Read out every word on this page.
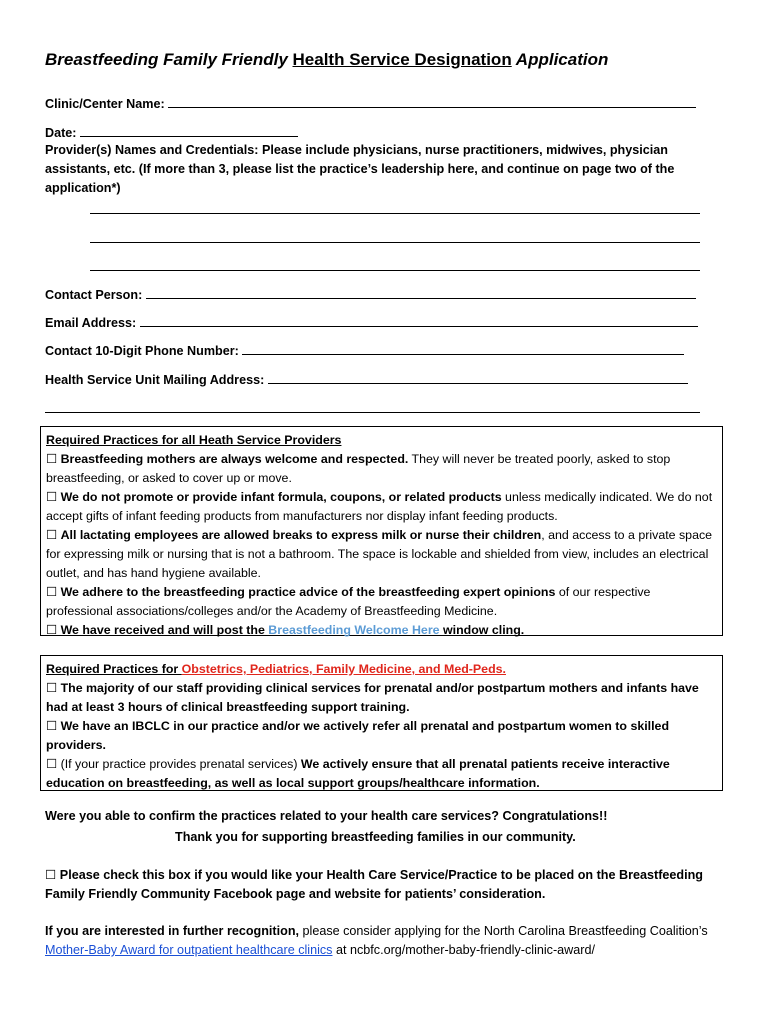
Breastfeeding Family Friendly Health Service Designation Application
Clinic/Center Name:
Date:
Provider(s) Names and Credentials: Please include physicians, nurse practitioners, midwives, physician assistants, etc. (If more than 3, please list the practice’s leadership here, and continue on page two of the application*)
Contact Person:
Email Address:
Contact 10-Digit Phone Number:
Health Service Unit Mailing Address:

Required Practices for all Heath Service Providers

☐ Breastfeeding mothers are always welcome and respected. They will never be treated poorly, asked to stop breastfeeding, or asked to cover up or move.

☐ We do not promote or provide infant formula, coupons, or related products unless medically indicated. We do not accept gifts of infant feeding products from manufacturers nor display infant feeding products.

☐ All lactating employees are allowed breaks to express milk or nurse their children, and access to a private space for expressing milk or nursing that is not a bathroom. The space is lockable and shielded from view, includes an electrical outlet, and has hand hygiene available.

☐ We adhere to the breastfeeding practice advice of the breastfeeding expert opinions of our respective professional associations/colleges and/or the Academy of Breastfeeding Medicine.

☐ We have received and will post the Breastfeeding Welcome Here window cling.

Required Practices for Obstetrics, Pediatrics, Family Medicine, and Med-Peds.

☐ The majority of our staff providing clinical services for prenatal and/or postpartum mothers and infants have had at least 3 hours of clinical breastfeeding support training.

☐ We have an IBCLC in our practice and/or we actively refer all prenatal and postpartum women to skilled providers.

☐ (If your practice provides prenatal services) We actively ensure that all prenatal patients receive interactive education on breastfeeding, as well as local support groups/healthcare information.

Were you able to confirm the practices related to your health care services? Congratulations!!
Thank you for supporting breastfeeding families in our community.
☐ Please check this box if you would like your Health Care Service/Practice to be placed on the Breastfeeding Family Friendly Community Facebook page and website for patients’ consideration.
If you are interested in further recognition, please consider applying for the North Carolina Breastfeeding Coalition’s Mother-Baby Award for outpatient healthcare clinics at ncbfc.org/mother-baby-friendly-clinic-award/
